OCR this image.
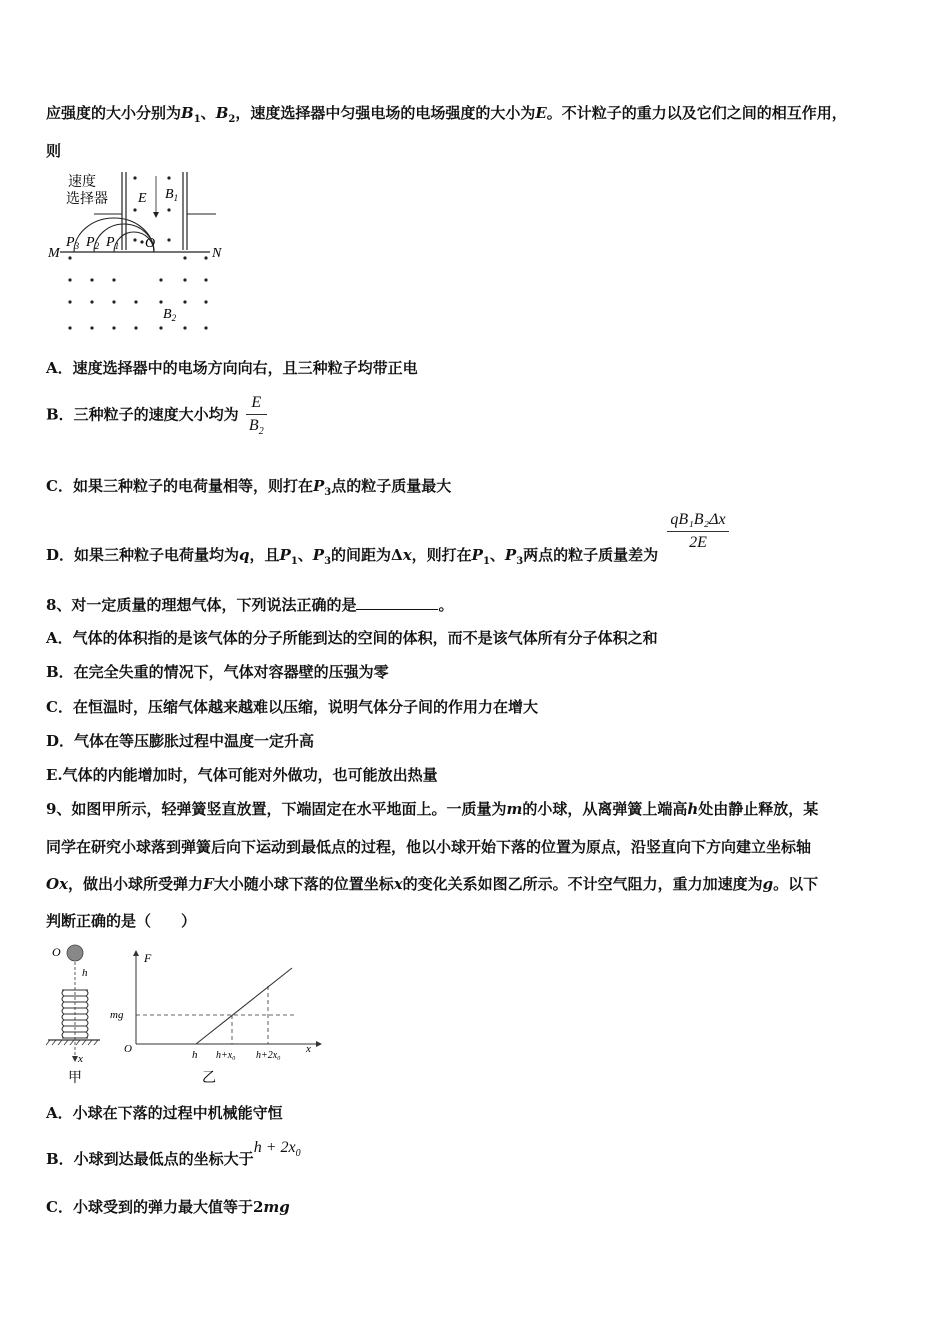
应强度的大小分别为$B_1$、$B_2$，速度选择器中匀强电场的电场强度的大小为E。不计粒子的重力以及它们之间的相互作用，
则
速度
选择器 E $B_1$
M	N
$P_3$ $P_2$ $P_1$ O
$B_2$
A．速度选择器中的电场方向向右，且三种粒子均带正电
B．三种粒子的速度大小均为 $\frac{E}{B_2}$
C．如果三种粒子的电荷量相等，则打在$P_3$点的粒子质量最大
D．如果三种粒子电荷量均为q，且$P_1$、$P_3$的间距为Δx，则打在$P_1$、$P_3$两点的粒子质量差为
$\frac{\text{qB₁B₂Δx}}{2E}$
8、对一定质量的理想气体，下列说法正确的是	。
A．气体的体积指的是该气体的分子所能到达的空间的体积，而不是该气体所有分子体积之和
B．在完全失重的情况下，气体对容器壁的压强为零
C．在恒温时，压缩气体越来越难以压缩，说明气体分子间的作用力在增大
D．气体在等压膨胀过程中温度一定升高
E.气体的内能增加时，气体可能对外做功，也可能放出热量
9、如图甲所示，轻弹簧竖直放置，下端固定在水平地面上。一质量为m的小球，从离弹簧上端高h处由静止释放，某
同学在研究小球落到弹簧后向下运动到最低点的过程，他以小球开始下落的位置为原点，沿竖直向下方向建立坐标轴
Ox，做出小球所受弹力F大小随小球下落的位置坐标x的变化关系如图乙所示。不计空气阻力，重力加速度为g。以下
判断正确的是（　　）
O
h
x
甲
F
mg
O	h h+x₀ h+2x₀
x
乙
A．小球在下落的过程中机械能守恒
B．小球到达最低点的坐标大于$h + 2x_0$
C．小球受到的弹力最大值等于2mg
